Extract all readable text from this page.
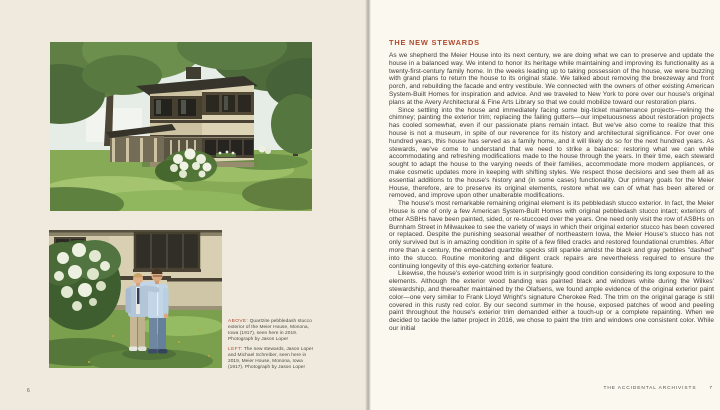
ABOVE: Quartzite pebbledash stucco exterior of the Meier House, Monona, Iowa (1917), seen here in 2019. Photograph by Jason Loper

LEFT: The new stewards, Jason Loper and Michael Schreiber, seen here in 2019, Meier House, Monona, Iowa (1917). Photograph by Jason Loper

6
THE NEW STEWARDS

As we shepherd the Meier House into its next century, we are doing what we can to preserve and update the house in a balanced way. We intend to honor its heritage while maintaining and improving its functionality as a twenty-first-century family home. In the weeks leading up to taking possession of the house, we were buzzing with grand plans to return the house to its original state. We talked about removing the breezeway and front porch, and rebuilding the facade and entry vestibule. We connected with the owners of other existing American System-Built Homes for inspiration and advice. And we traveled to New York to pore over our house's original plans at the Avery Architectural & Fine Arts Library so that we could mobilize toward our restoration plans.

Since settling into the house and immediately facing some big-ticket maintenance projects—relining the chimney; painting the exterior trim; replacing the failing gutters—our impetuousness about restoration projects has cooled somewhat, even if our passionate plans remain intact. But we've also come to realize that this house is not a museum, in spite of our reverence for its history and architectural significance. For over one hundred years, this house has served as a family home, and it will likely do so for the next hundred years. As stewards, we've come to understand that we need to strike a balance: restoring what we can while accommodating and refreshing modifications made to the house through the years. In their time, each steward sought to adapt the house to the varying needs of their families, accommodate more modern appliances, or make cosmetic updates more in keeping with shifting styles. We respect those decisions and see them all as essential additions to the house's history and (in some cases) functionality. Our primary goals for the Meier House, therefore, are to preserve its original elements, restore what we can of what has been altered or removed, and improve upon other unalterable modifications.

The house's most remarkable remaining original element is its pebbledash stucco exterior. In fact, the Meier House is one of only a few American System-Built Homes with original pebbledash stucco intact; exteriors of other ASBHs have been painted, sided, or re-stuccoed over the years. One need only visit the row of ASBHs on Burnham Street in Milwaukee to see the variety of ways in which their original exterior stucco has been covered or replaced. Despite the punishing seasonal weather of northeastern Iowa, the Meier House's stucco has not only survived but is in amazing condition in spite of a few filled cracks and restored foundational crumbles. After more than a century, the embedded quartzite specks still sparkle amidst the black and gray pebbles "dashed" into the stucco. Routine monitoring and diligent crack repairs are nevertheless required to ensure the continuing longevity of this eye-catching exterior feature.

Likewise, the house's exterior wood trim is in surprisingly good condition considering its long exposure to the elements. Although the exterior wood banding was painted black and windows white during the Wilkes' stewardship, and thereafter maintained by the Olafsens, we found ample evidence of the original exterior paint color—one very similar to Frank Lloyd Wright's signature Cherokee Red. The trim on the original garage is still covered in this rusty red color. By our second summer in the house, exposed patches of wood and peeling paint throughout the house's exterior trim demanded either a touch-up or a complete repainting. When we decided to tackle the latter project in 2016, we chose to paint the trim and windows one consistent color. While our initial

THE ACCIDENTAL ARCHIVISTS	7
